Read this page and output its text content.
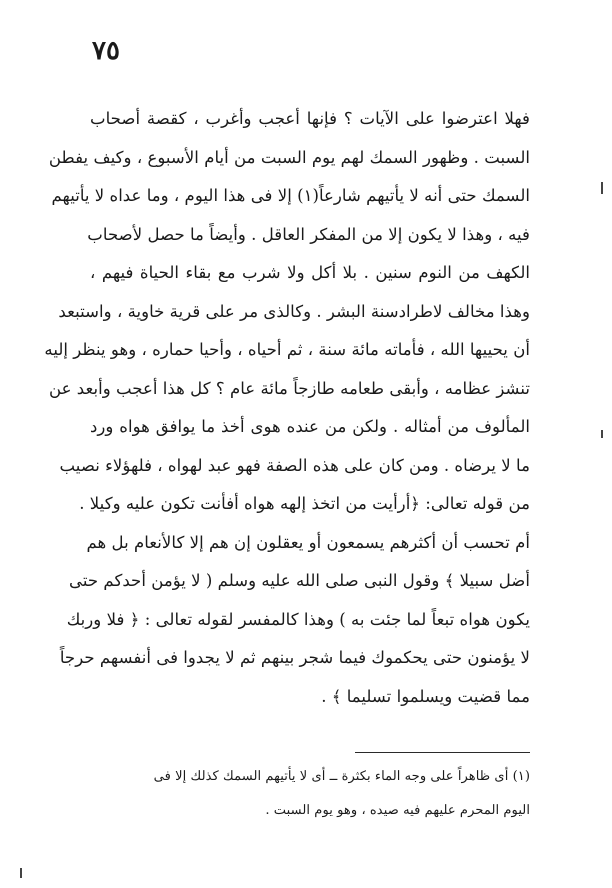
٧٥
فهلا اعترضوا على الآيات ؟ فإنها أعجب وأغرب ، كقصة أصحاب
السبت . وظهور السمك لهم يوم السبت من أيام الأسبوع ، وكيف يفطن
السمك حتى أنه لا يأتيهم شارعاً(١) إلا فى هذا اليوم ، وما عداه لا يأتيهم
فيه ، وهذا لا يكون إلا من المفكر العاقل . وأيضاً ما حصل لأصحاب
الكهف من النوم سنين . بلا أكل ولا شرب مع بقاء الحياة فيهم ،
وهذا مخالف لاطرادسنة البشر . وكالذى مر على قرية خاوية ، واستبعد
أن يحييها الله ، فأماته مائة سنة ، ثم أحياه ، وأحيا حماره ، وهو ينظر إليه
تنشز عظامه ، وأبقى طعامه طازجاً مائة عام ؟ كل هذا أعجب وأبعد عن
المألوف من أمثاله . ولكن من عنده هوى أخذ ما يوافق هواه ورد
ما لا يرضاه . ومن كان على هذه الصفة فهو عبد لهواه ، فلهؤلاء نصيب
من قوله تعالى: ﴿أرأيت من اتخذ إلهه هواه أفأنت تكون عليه وكيلا .
أم تحسب أن أكثرهم يسمعون أو يعقلون إن هم إلا كالأنعام بل هم
أضل سبيلا ﴾ وقول النبى صلى الله عليه وسلم ( لا يؤمن أحدكم حتى
يكون هواه تبعاً لما جئت به ) وهذا كالمفسر لقوله تعالى : ﴿ فلا وربك
لا يؤمنون حتى يحكموك فيما شجر بينهم ثم لا يجدوا فى أنفسهم حرجاً
مما قضيت ويسلموا تسليما ﴾ .
(١) أى ظاهراً على وجه الماء بكثرة ــ أى لا يأتيهم السمك كذلك إلا فى
اليوم المحرم عليهم فيه صيده ، وهو يوم السبت .
